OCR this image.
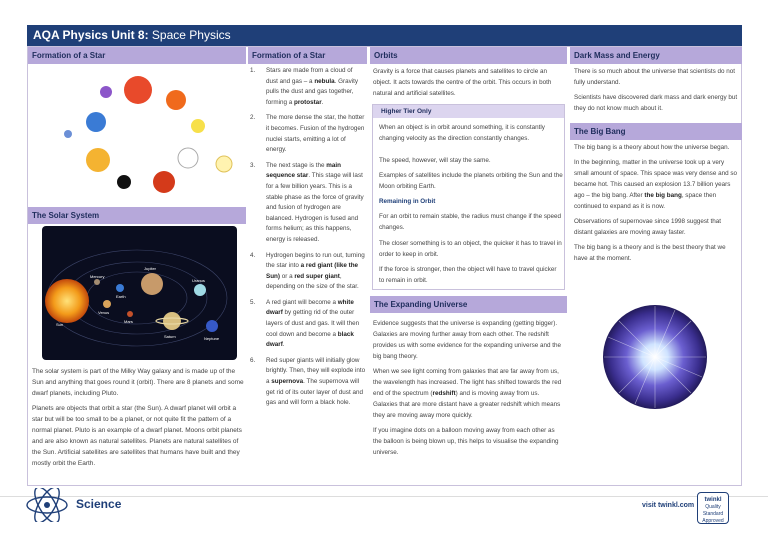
AQA Physics Unit 8: Space Physics
Formation of a Star
The Solar System
Sun
Mercury
Venus
Earth
Mars
Jupiter
Saturn
Uranus
Neptune

The solar system is part of the Milky Way galaxy and is made up of the Sun and anything that goes round it (orbit). There are 8 planets and some dwarf planets, including Pluto.

Planets are objects that orbit a star (the Sun). A dwarf planet will orbit a star but will be too small to be a planet, or not quite fit the pattern of a normal planet. Pluto is an example of a dwarf planet. Moons orbit planets and are also known as natural satellites. Planets are natural satellites of the Sun. Artificial satellites are satellites that humans have built and they mostly orbit the Earth.

Formation of a Star
1. Stars are made from a cloud of dust and gas – a nebula. Gravity pulls the dust and gas together, forming a protostar.
2. The more dense the star, the hotter it becomes. Fusion of the hydrogen nuclei starts, emitting a lot of energy.
3. The next stage is the main sequence star. This stage will last for a few billion years. This is a stable phase as the force of gravity and fusion of hydrogen are balanced. Hydrogen is fused and forms helium; as this happens, energy is released.
4. Hydrogen begins to run out, turning the star into a red giant (like the Sun) or a red super giant, depending on the size of the star.
5. A red giant will become a white dwarf by getting rid of the outer layers of dust and gas. It will then cool down and become a black dwarf.
6. Red super giants will initially glow brightly. Then, they will explode into a supernova. The supernova will get rid of its outer layer of dust and gas and will form a black hole.
Orbits
Gravity is a force that causes planets and satellites to circle an object. It acts towards the centre of the orbit. This occurs in both natural and artificial satellites.
Higher Tier Only
When an object is in orbit around something, it is constantly changing velocity as the direction constantly changes.
The speed, however, will stay the same.
Examples of satellites include the planets orbiting the Sun and the Moon orbiting Earth.
Remaining in Orbit
For an orbit to remain stable, the radius must change if the speed changes.
The closer something is to an object, the quicker it has to travel in order to keep in orbit.
If the force is stronger, then the object will have to travel quicker to remain in orbit.
The Expanding Universe

Evidence suggests that the universe is expanding (getting bigger). Galaxies are moving further away from each other. The redshift provides us with some evidence for the expanding universe and the big bang theory.

When we see light coming from galaxies that are far away from us, the wavelength has increased. The light has shifted towards the red end of the spectrum (redshift) and is moving away from us. Galaxies that are more distant have a greater redshift which means they are moving away more quickly.

If you imagine dots on a balloon moving away from each other as the balloon is being blown up, this helps to visualise the expanding universe.

Dark Mass and Energy

There is so much about the universe that scientists do not fully understand.

Scientists have discovered dark mass and dark energy but they do not know much about it.

The Big Bang

The big bang is a theory about how the universe began.

In the beginning, matter in the universe took up a very small amount of space. This space was very dense and so became hot. This caused an explosion 13.7 billion years ago – the big bang. After the big bang, space then continued to expand as it is now.

Observations of supernovae since 1998 suggest that distant galaxies are moving away faster.

The big bang is a theory and is the best theory that we have at the moment.

Science	visit twinkl.com
twinkl
Quality Standard Approved
